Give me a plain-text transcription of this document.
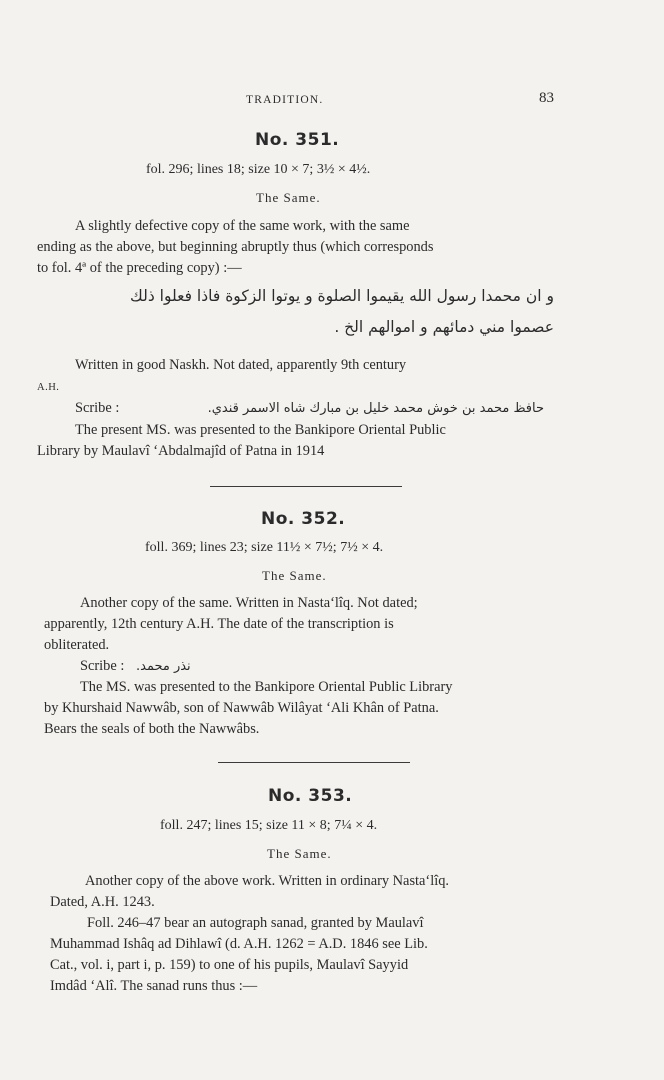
TRADITION.	83
No. 351.
fol. 296; lines 18; size 10 × 7; 3½ × 4½.
The Same.
A slightly defective copy of the same work, with the same
ending as the above, but beginning abruptly thus (which corresponds
to fol. 4ª of the preceding copy) :—
و ان محمدا رسول الله يقيموا الصلوة و يوتوا الزكوة فاذا فعلوا ذلك
عصموا مني دمائهم و اموالهم الخ .
Written in good Naskh. Not dated, apparently 9th century
A.H.
Scribe :	حافظ محمد بن خوش محمد خليل بن مبارك شاه الاسمر قندي.
The present MS. was presented to the Bankipore Oriental Public
Library by Maulavî ‘Abdalmajîd of Patna in 1914
No. 352.
foll. 369; lines 23; size 11½ × 7½; 7½ × 4.
The Same.
Another copy of the same. Written in Nasta‘lîq. Not dated;
apparently, 12th century A.H. The date of the transcription is
obliterated.
Scribe : نذر محمد.
The MS. was presented to the Bankipore Oriental Public Library
by Khurshaid Nawwâb, son of Nawwâb Wilâyat ‘Ali Khân of Patna.
Bears the seals of both the Nawwâbs.
No. 353.
foll. 247; lines 15; size 11 × 8; 7¼ × 4.
The Same.
Another copy of the above work. Written in ordinary Nasta‘lîq.
Dated, A.H. 1243.
Foll. 246–47 bear an autograph sanad, granted by Maulavî
Muhammad Ishâq ad Dihlawî (d. A.H. 1262 = A.D. 1846 see Lib.
Cat., vol. i, part i, p. 159) to one of his pupils, Maulavî Sayyid
Imdâd ‘Alî. The sanad runs thus :—
